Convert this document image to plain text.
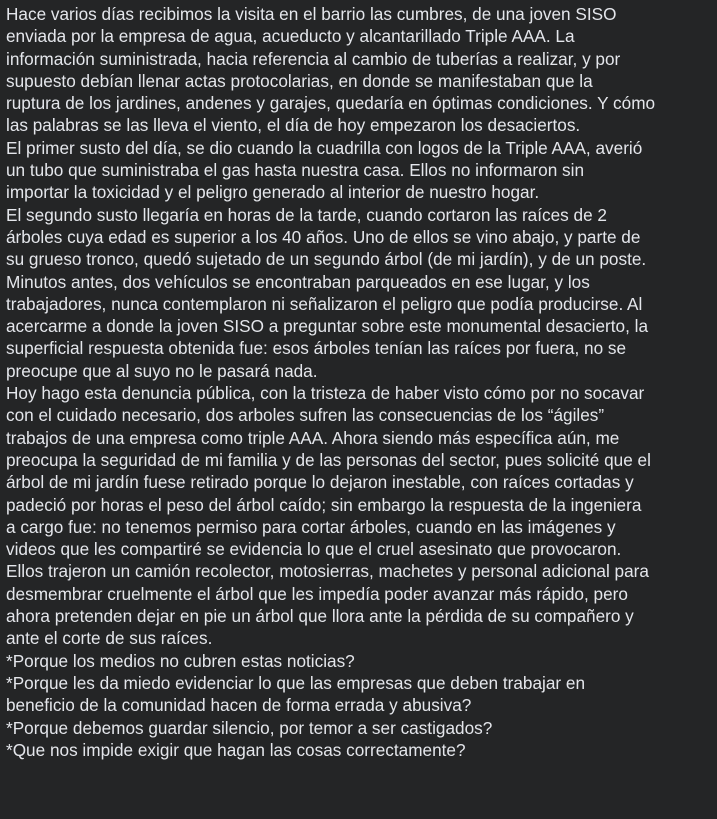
Hace varios días recibimos la visita en el barrio las cumbres, de una joven SISO
enviada por la empresa de agua, acueducto y alcantarillado Triple AAA. La
información suministrada, hacia referencia al cambio de tuberías a realizar, y por
supuesto debían llenar actas protocolarias, en donde se manifestaban que la
ruptura de los jardines, andenes y garajes, quedaría en óptimas condiciones. Y cómo
las palabras se las lleva el viento, el día de hoy empezaron los desaciertos.
El primer susto del día, se dio cuando la cuadrilla con logos de la Triple AAA, averió
un tubo que suministraba el gas hasta nuestra casa. Ellos no informaron sin
importar la toxicidad y el peligro generado al interior de nuestro hogar.
El segundo susto llegaría en horas de la tarde, cuando cortaron las raíces de 2
árboles cuya edad es superior a los 40 años. Uno de ellos se vino abajo, y parte de
su grueso tronco, quedó sujetado de un segundo árbol (de mi jardín), y de un poste.
Minutos antes, dos vehículos se encontraban parqueados en ese lugar, y los
trabajadores, nunca contemplaron ni señalizaron el peligro que podía producirse. Al
acercarme a donde la joven SISO a preguntar sobre este monumental desacierto, la
superficial respuesta obtenida fue: esos árboles tenían las raíces por fuera, no se
preocupe que al suyo no le pasará nada.
Hoy hago esta denuncia pública, con la tristeza de haber visto cómo por no socavar
con el cuidado necesario, dos arboles sufren las consecuencias de los “ágiles”
trabajos de una empresa como triple AAA. Ahora siendo más específica aún, me
preocupa la seguridad de mi familia y de las personas del sector, pues solicité que el
árbol de mi jardín fuese retirado porque lo dejaron inestable, con raíces cortadas y
padeció por horas el peso del árbol caído; sin embargo la respuesta de la ingeniera
a cargo fue: no tenemos permiso para cortar árboles, cuando en las imágenes y
videos que les compartiré se evidencia lo que el cruel asesinato que provocaron.
Ellos trajeron un camión recolector, motosierras, machetes y personal adicional para
desmembrar cruelmente el árbol que les impedía poder avanzar más rápido, pero
ahora pretenden dejar en pie un árbol que llora ante la pérdida de su compañero y
ante el corte de sus raíces.
*Porque los medios no cubren estas noticias?
*Porque les da miedo evidenciar lo que las empresas que deben trabajar en
beneficio de la comunidad hacen de forma errada y abusiva?
*Porque debemos guardar silencio, por temor a ser castigados?
*Que nos impide exigir que hagan las cosas correctamente?
